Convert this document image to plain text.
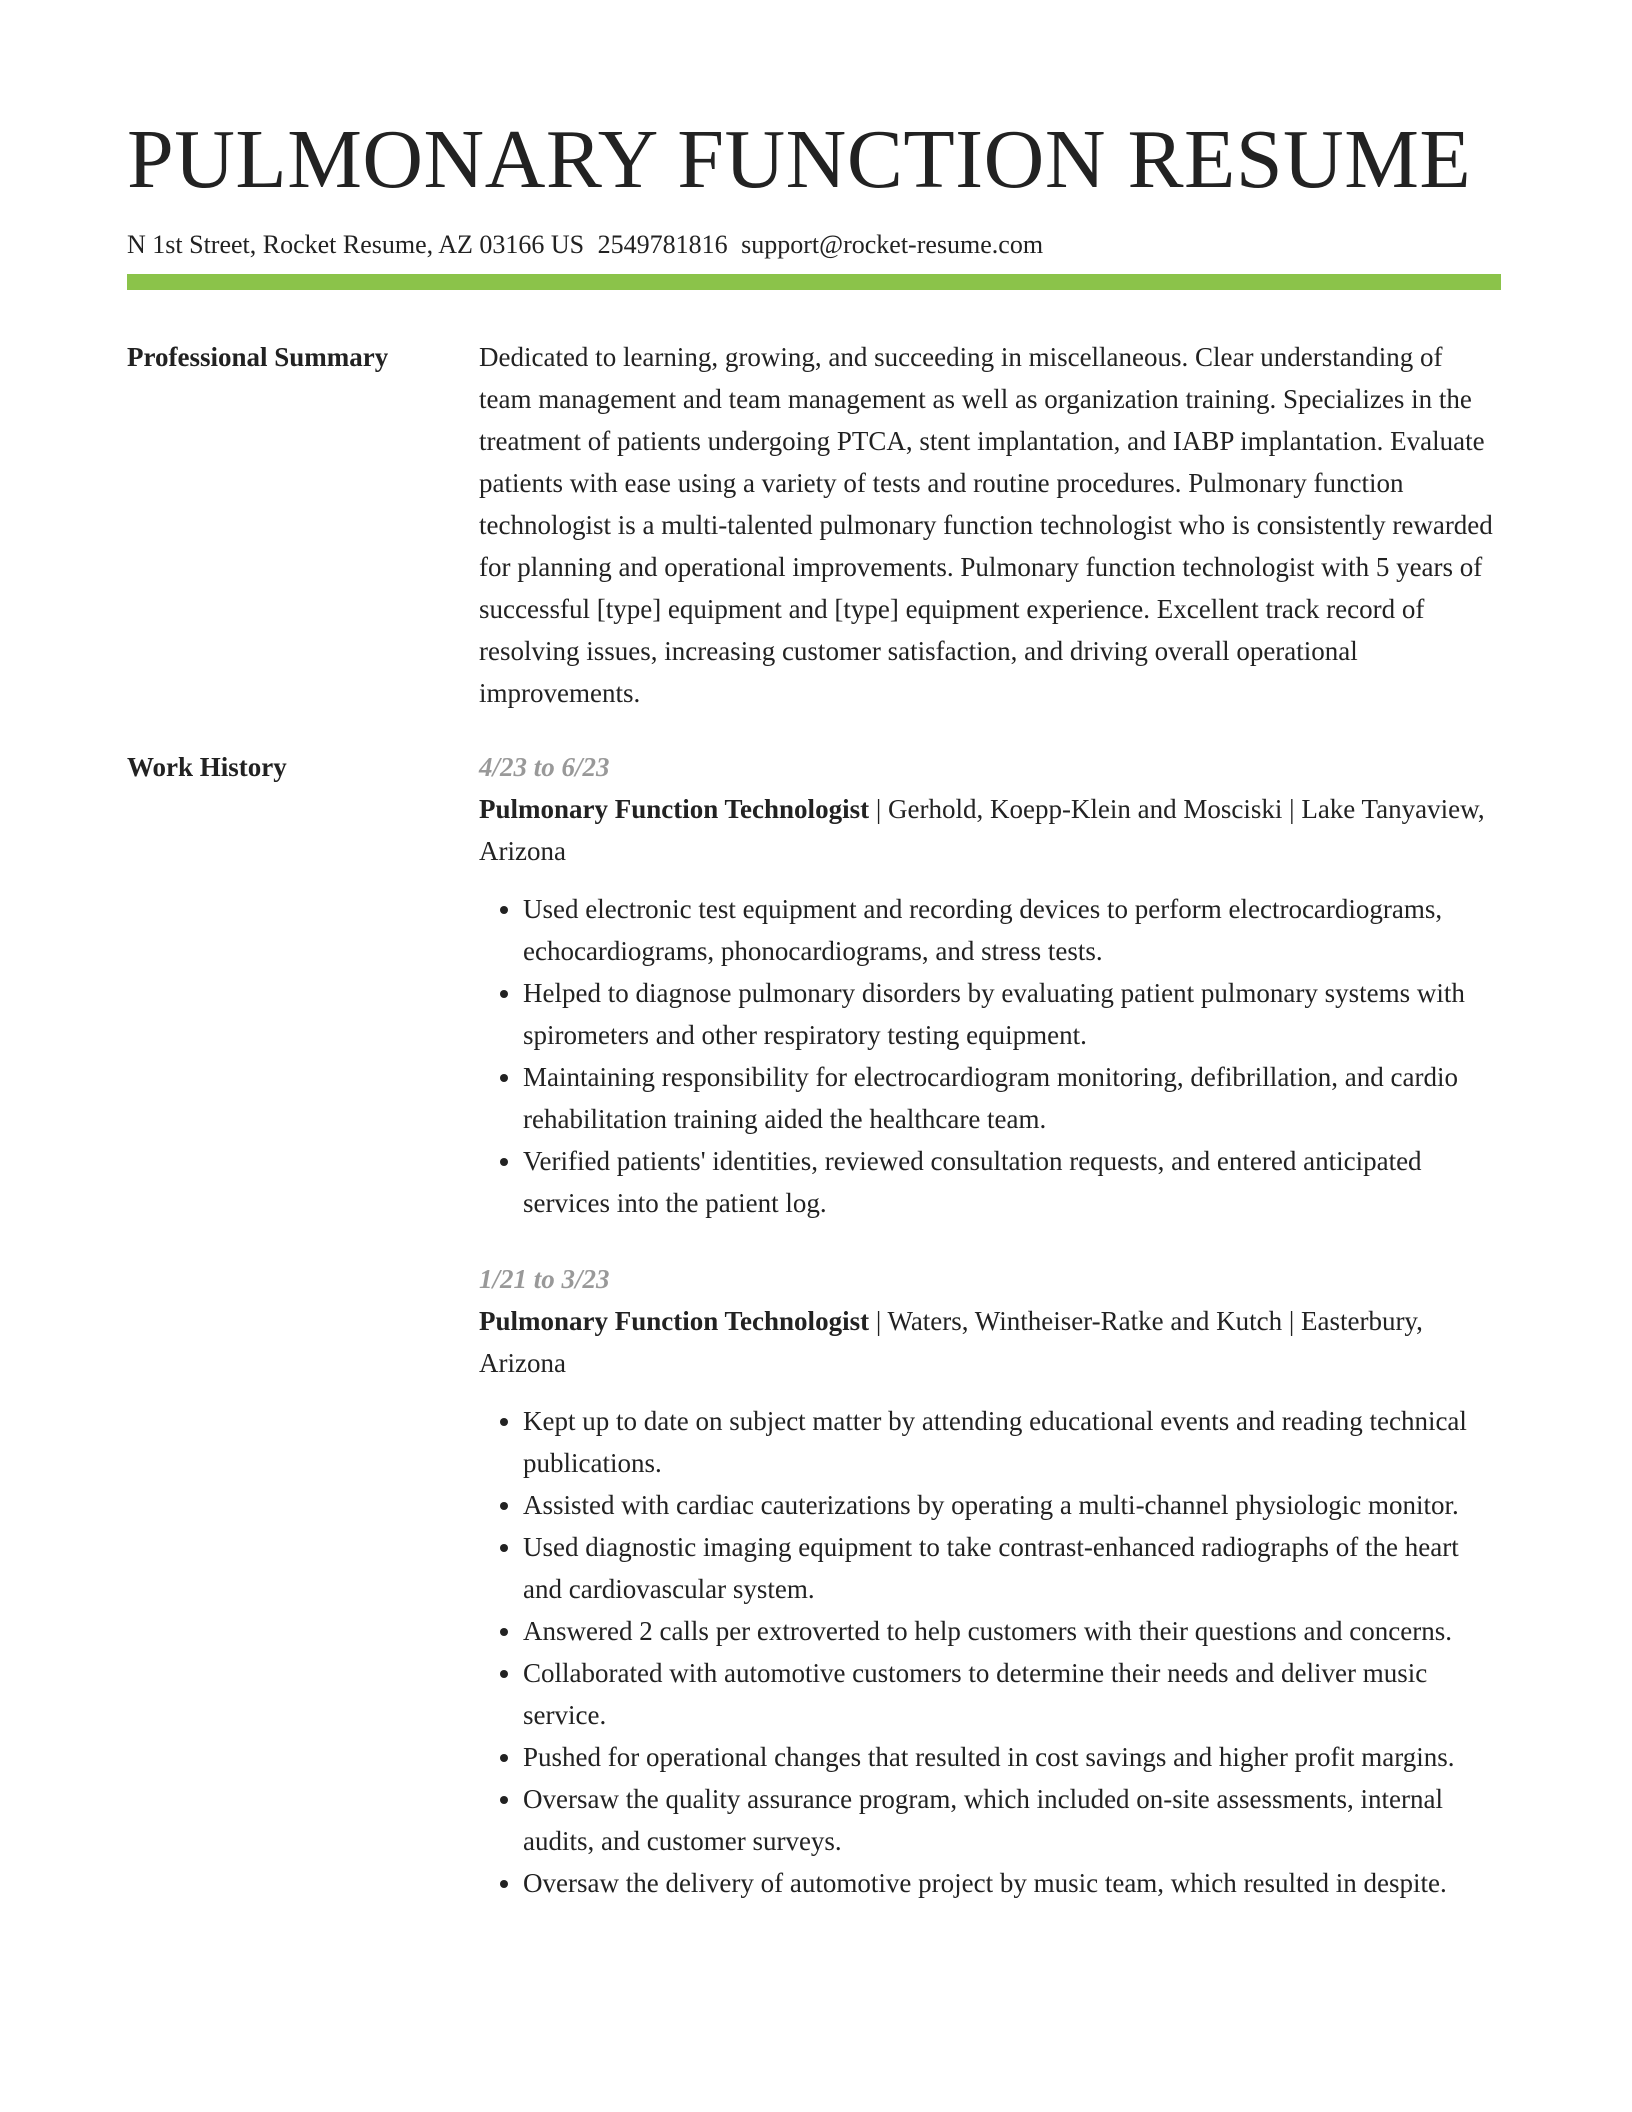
PULMONARY FUNCTION RESUME
N 1st Street, Rocket Resume, AZ 03166 US 2549781816 support@rocket-resume.com
Professional Summary	Dedicated to learning, growing, and succeeding in miscellaneous. Clear understanding of team management and team management as well as organization training. Specializes in the treatment of patients undergoing PTCA, stent implantation, and IABP implantation. Evaluate patients with ease using a variety of tests and routine procedures. Pulmonary function technologist is a multi-talented pulmonary function technologist who is consistently rewarded for planning and operational improvements. Pulmonary function technologist with 5 years of successful [type] equipment and [type] equipment experience. Excellent track record of resolving issues, increasing customer satisfaction, and driving overall operational improvements.

Work History	4/23 to 6/23
Pulmonary Function Technologist | Gerhold, Koepp-Klein and Mosciski | Lake Tanyaview, Arizona
• Used electronic test equipment and recording devices to perform electrocardiograms, echocardiograms, phonocardiograms, and stress tests.
• Helped to diagnose pulmonary disorders by evaluating patient pulmonary systems with spirometers and other respiratory testing equipment.
• Maintaining responsibility for electrocardiogram monitoring, defibrillation, and cardio rehabilitation training aided the healthcare team.
• Verified patients' identities, reviewed consultation requests, and entered anticipated services into the patient log.
1/21 to 3/23
Pulmonary Function Technologist | Waters, Wintheiser-Ratke and Kutch | Easterbury, Arizona
• Kept up to date on subject matter by attending educational events and reading technical publications.
• Assisted with cardiac cauterizations by operating a multi-channel physiologic monitor.
• Used diagnostic imaging equipment to take contrast-enhanced radiographs of the heart and cardiovascular system.
• Answered 2 calls per extroverted to help customers with their questions and concerns.
• Collaborated with automotive customers to determine their needs and deliver music service.
• Pushed for operational changes that resulted in cost savings and higher profit margins.
• Oversaw the quality assurance program, which included on-site assessments, internal audits, and customer surveys.
• Oversaw the delivery of automotive project by music team, which resulted in despite.
